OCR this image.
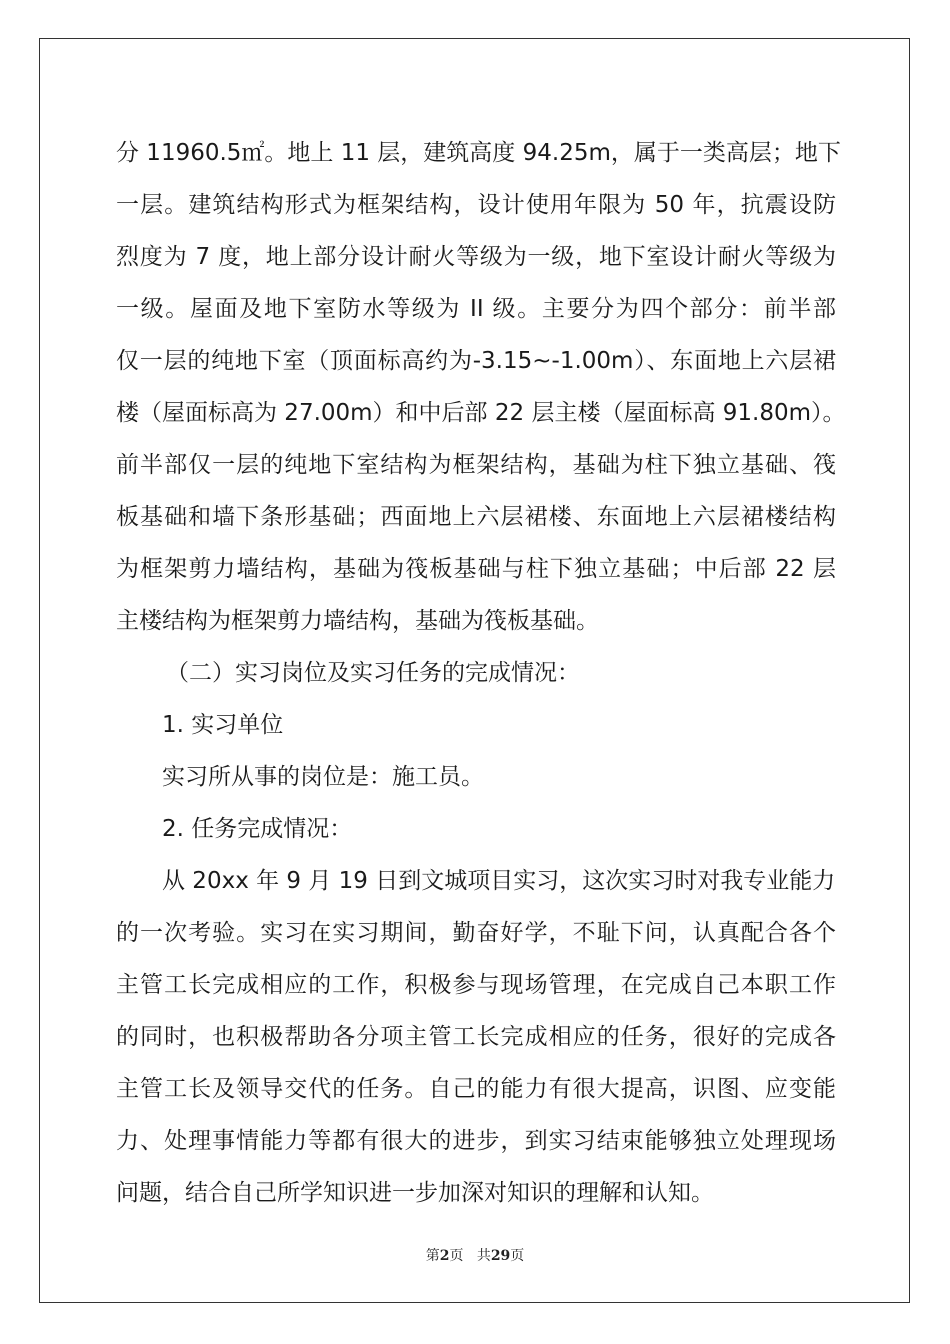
分 11960.5㎡。地上 11 层，建筑高度 94.25m，属于一类高层；地下
一层。建筑结构形式为框架结构，设计使用年限为 50 年，抗震设防
烈度为 7 度，地上部分设计耐火等级为一级，地下室设计耐火等级为
一级。屋面及地下室防水等级为 II 级。主要分为四个部分：前半部
仅一层的纯地下室（顶面标高约为-3.15~-1.00m）、东面地上六层裙
楼（屋面标高为 27.00m）和中后部 22 层主楼（屋面标高 91.80m）。
前半部仅一层的纯地下室结构为框架结构，基础为柱下独立基础、筏
板基础和墙下条形基础；西面地上六层裙楼、东面地上六层裙楼结构
为框架剪力墙结构，基础为筏板基础与柱下独立基础；中后部 22 层
主楼结构为框架剪力墙结构，基础为筏板基础。
（二）实习岗位及实习任务的完成情况：
1. 实习单位
实习所从事的岗位是：施工员。
2. 任务完成情况：
从 20xx 年 9 月 19 日到文城项目实习，这次实习时对我专业能力
的一次考验。实习在实习期间，勤奋好学，不耻下问，认真配合各个
主管工长完成相应的工作，积极参与现场管理，在完成自己本职工作
的同时，也积极帮助各分项主管工长完成相应的任务，很好的完成各
主管工长及领导交代的任务。自己的能力有很大提高，识图、应变能
力、处理事情能力等都有很大的进步，到实习结束能够独立处理现场
问题，结合自己所学知识进一步加深对知识的理解和认知。
第2页 共29页
